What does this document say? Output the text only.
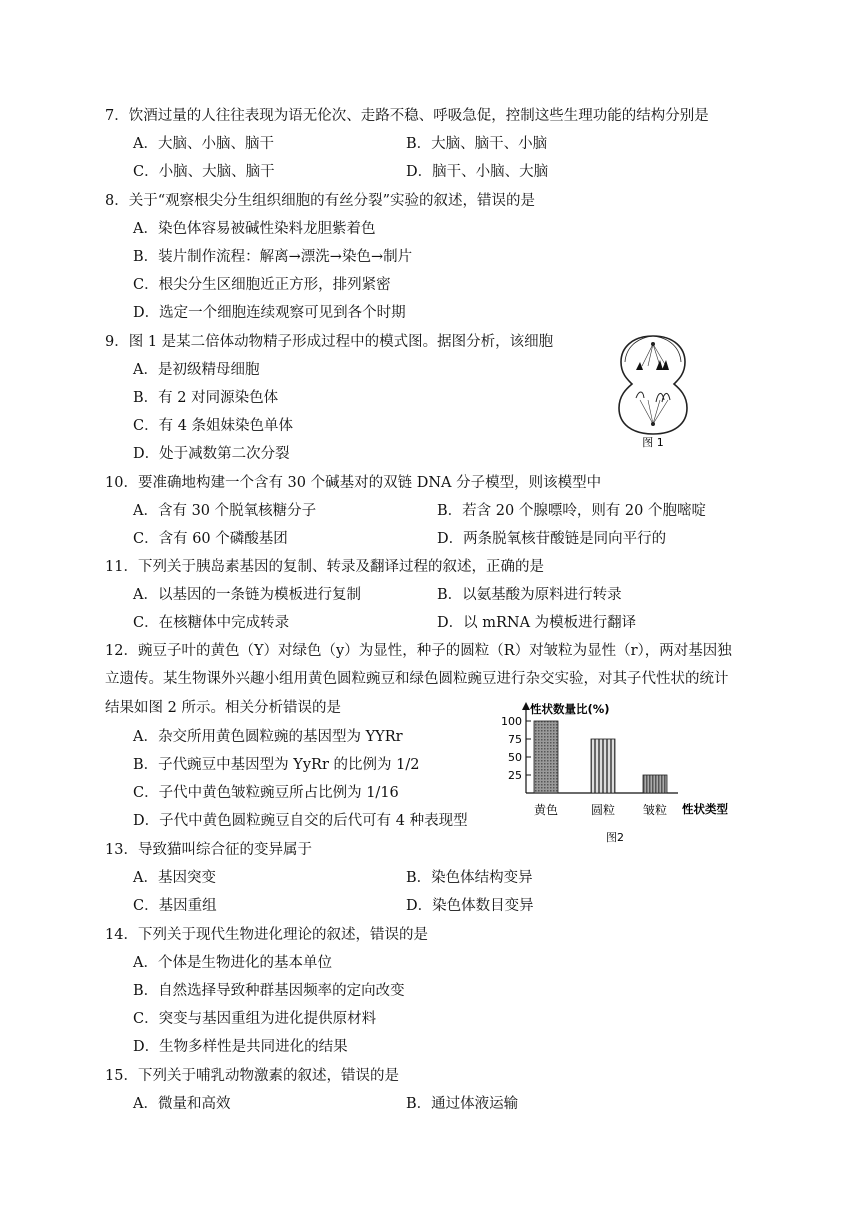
7．饮酒过量的人往往表现为语无伦次、走路不稳、呼吸急促，控制这些生理功能的结构分别是
A．大脑、小脑、脑干	B．大脑、脑干、小脑
C．小脑、大脑、脑干	D．脑干、小脑、大脑
8．关于“观察根尖分生组织细胞的有丝分裂”实验的叙述，错误的是
A．染色体容易被碱性染料龙胆紫着色
B．装片制作流程：解离→漂洗→染色→制片
C．根尖分生区细胞近正方形，排列紧密
D．选定一个细胞连续观察可见到各个时期
9．图 1 是某二倍体动物精子形成过程中的模式图。据图分析，该细胞
A．是初级精母细胞
B．有 2 对同源染色体
C．有 4 条姐妹染色单体
D．处于减数第二次分裂
图 1
10．要准确地构建一个含有 30 个碱基对的双链 DNA 分子模型，则该模型中
A．含有 30 个脱氧核糖分子	B．若含 20 个腺嘌呤，则有 20 个胞嘧啶
C．含有 60 个磷酸基团	D．两条脱氧核苷酸链是同向平行的
11．下列关于胰岛素基因的复制、转录及翻译过程的叙述，正确的是
A．以基因的一条链为模板进行复制	B．以氨基酸为原料进行转录
C．在核糖体中完成转录	D．以 mRNA 为模板进行翻译
12．豌豆子叶的黄色（Y）对绿色（y）为显性，种子的圆粒（R）对皱粒为显性（r），两对基因独
立遗传。某生物课外兴趣小组用黄色圆粒豌豆和绿色圆粒豌豆进行杂交实验，对其子代性状的统计
结果如图 2 所示。相关分析错误的是
A．杂交所用黄色圆粒豌的基因型为 YYRr
B．子代豌豆中基因型为 YyRr 的比例为 1/2
C．子代中黄色皱粒豌豆所占比例为 1/16
D．子代中黄色圆粒豌豆自交的后代可有 4 种表现型
性状数量比(%)
性状类型
100
75
50
25
黄色	圆粒 皱粒
图2
13．导致猫叫综合征的变异属于
A．基因突变	B．染色体结构变异
C．基因重组	D．染色体数目变异
14．下列关于现代生物进化理论的叙述，错误的是
A．个体是生物进化的基本单位
B．自然选择导致种群基因频率的定向改变
C．突变与基因重组为进化提供原材料
D．生物多样性是共同进化的结果
15．下列关于哺乳动物激素的叙述，错误的是
A．微量和高效	B．通过体液运输
